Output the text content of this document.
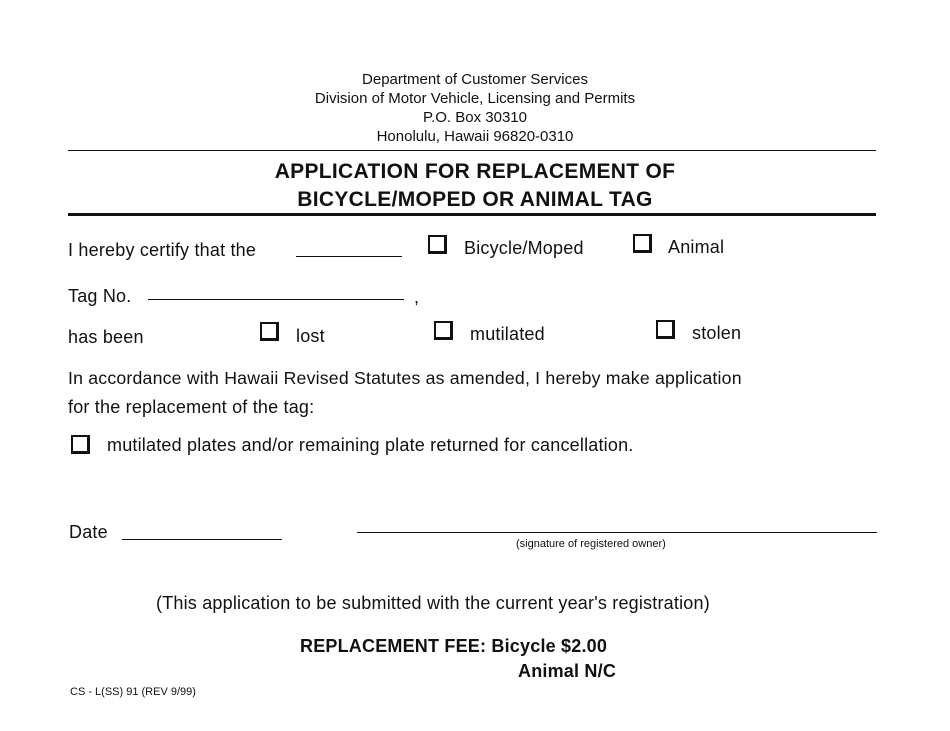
Department of Customer Services
Division of Motor Vehicle, Licensing and Permits
P.O. Box 30310
Honolulu, Hawaii 96820-0310
APPLICATION FOR REPLACEMENT OF
BICYCLE/MOPED OR ANIMAL TAG
I hereby certify that the	Bicycle/Moped	Animal
Tag No.	,
has been	lost	mutilated	stolen
In accordance with Hawaii Revised Statutes as amended, I hereby make application
for the replacement of the tag:
mutilated plates and/or remaining plate returned for cancellation.
Date
(signature of registered owner)
(This application to be submitted with the current year's registration)
REPLACEMENT FEE: Bicycle $2.00
Animal N/C
CS - L(SS) 91 (REV 9/99)
